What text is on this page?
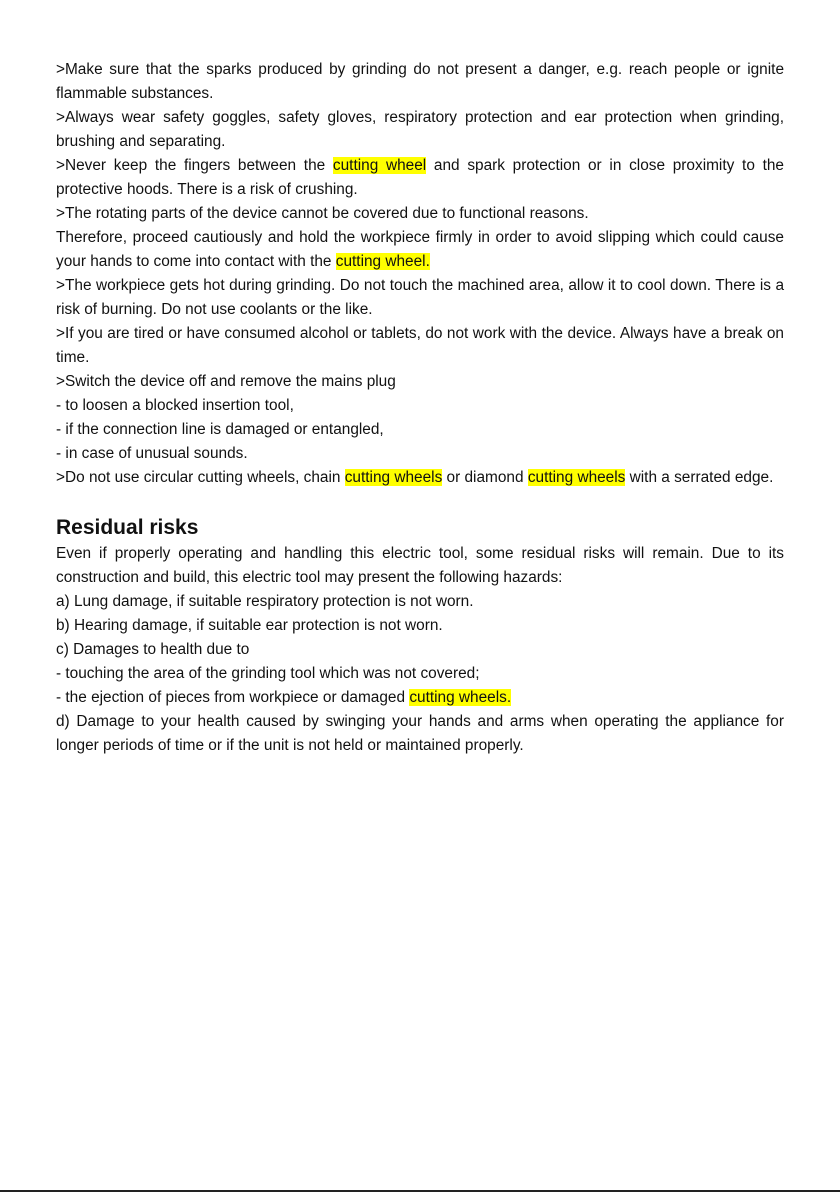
>Make sure that the sparks produced by grinding do not present a danger, e.g. reach people or ignite flammable substances.

>Always wear safety goggles, safety gloves, respiratory protection and ear protection when grinding, brushing and separating.

>Never keep the fingers between the cutting wheel and spark protection or in close proximity to the protective hoods. There is a risk of crushing.

>The rotating parts of the device cannot be covered due to functional reasons.

Therefore, proceed cautiously and hold the workpiece firmly in order to avoid slipping which could cause your hands to come into contact with the cutting wheel.

>The workpiece gets hot during grinding. Do not touch the machined area, allow it to cool down. There is a risk of burning. Do not use coolants or the like.

>If you are tired or have consumed alcohol or tablets, do not work with the device. Always have a break on time.

>Switch the device off and remove the mains plug

- to loosen a blocked insertion tool,

- if the connection line is damaged or entangled,

- in case of unusual sounds.

>Do not use circular cutting wheels, chain cutting wheels or diamond cutting wheels with a serrated edge.

Residual risks

Even if properly operating and handling this electric tool, some residual risks will remain. Due to its construction and build, this electric tool may present the following hazards:

a) Lung damage, if suitable respiratory protection is not worn.

b) Hearing damage, if suitable ear protection is not worn.

c) Damages to health due to

- touching the area of the grinding tool which was not covered;

- the ejection of pieces from workpiece or damaged cutting wheels.

d) Damage to your health caused by swinging your hands and arms when operating the appliance for longer periods of time or if the unit is not held or maintained properly.
